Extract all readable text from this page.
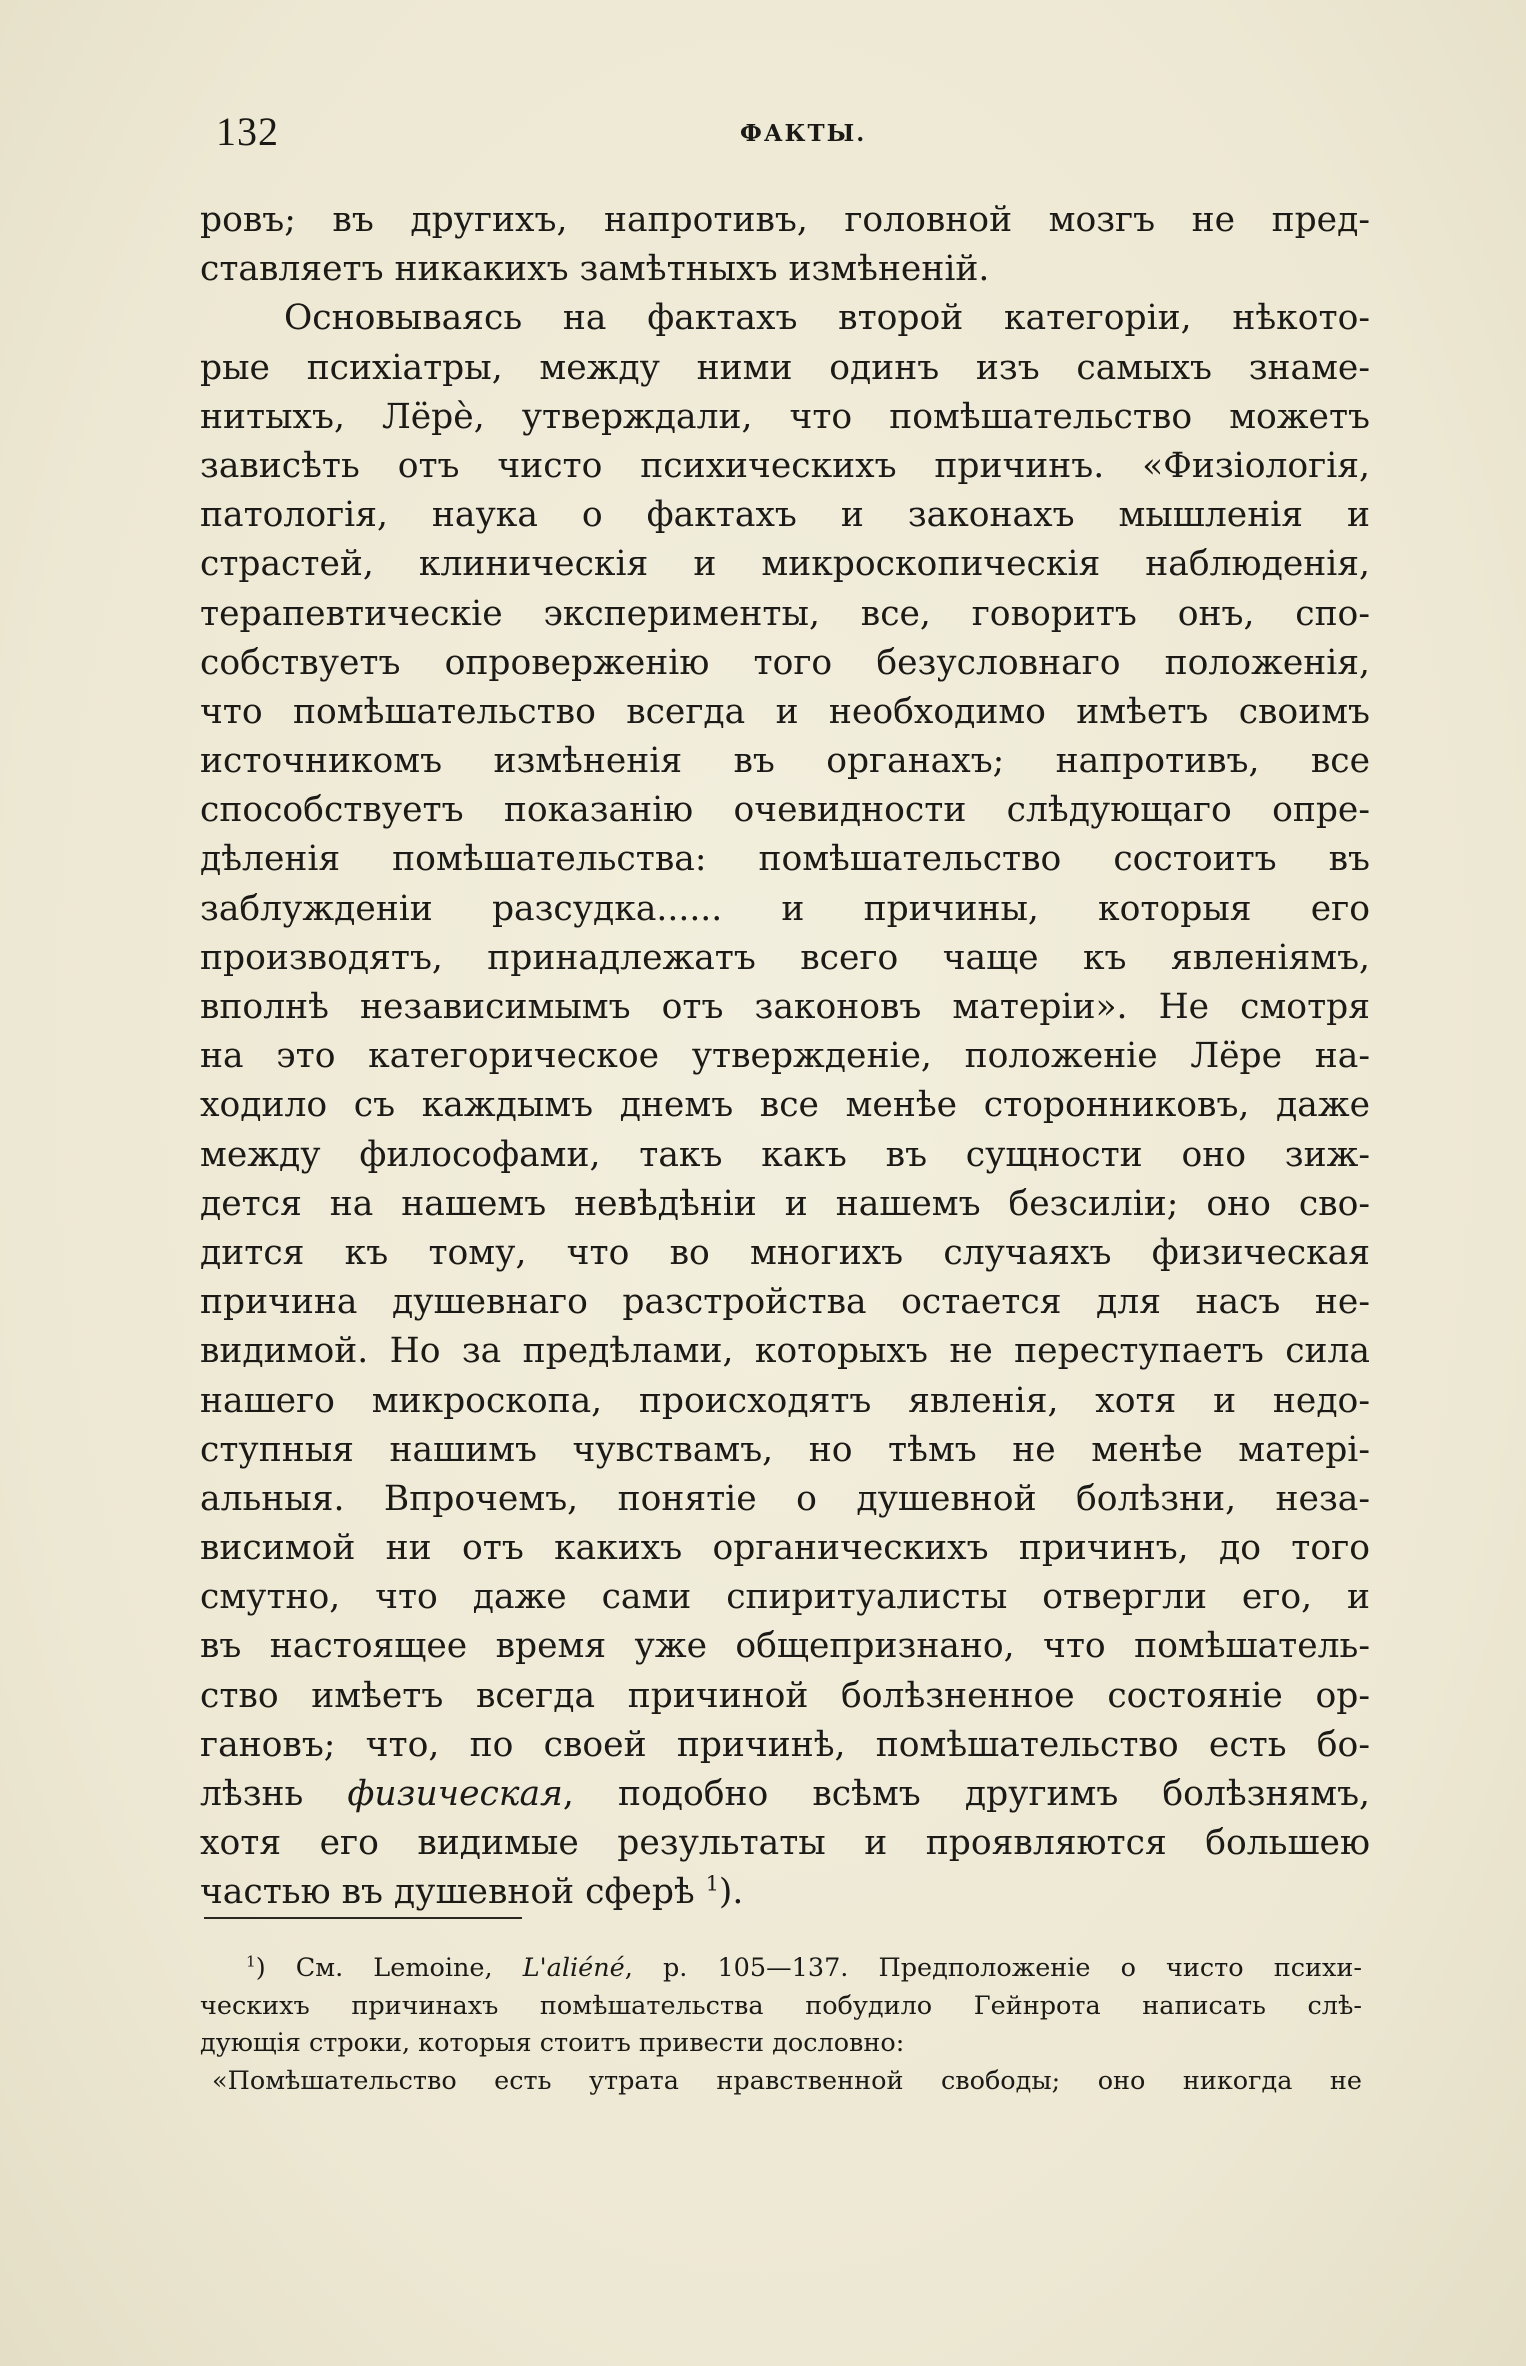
132	ФАКТЫ.
ровъ; въ другихъ, напротивъ, головной мозгъ не пред-
ставляетъ никакихъ замѣтныхъ измѣненій.
Основываясь на фактахъ второй категоріи, нѣкото-
рые психіатры, между ними одинъ изъ самыхъ знаме-
нитыхъ, Лёрè, утверждали, что помѣшательство можетъ
зависѣть отъ чисто психическихъ причинъ. «Физіологія,
патологія, наука о фактахъ и законахъ мышленія и
страстей, клиническія и микроскопическія наблюденія,
терапевтическіе эксперименты, все, говоритъ онъ, спо-
собствуетъ опроверженію того безусловнаго положенія,
что помѣшательство всегда и необходимо имѣетъ своимъ
источникомъ измѣненія въ органахъ; напротивъ, все
способствуетъ показанію очевидности слѣдующаго опре-
дѣленія помѣшательства: помѣшательство состоитъ въ
заблужденіи разсудка...... и причины, которыя его
производятъ, принадлежатъ всего чаще къ явленіямъ,
вполнѣ независимымъ отъ законовъ матеріи». Не смотря
на это категорическое утвержденіе, положеніе Лёре на-
ходило съ каждымъ днемъ все менѣе сторонниковъ, даже
между философами, такъ какъ въ сущности оно зиж-
дется на нашемъ невѣдѣніи и нашемъ безсиліи; оно сво-
дится къ тому, что во многихъ случаяхъ физическая
причина душевнаго разстройства остается для насъ не-
видимой. Но за предѣлами, которыхъ не переступаетъ сила
нашего микроскопа, происходятъ явленія, хотя и недо-
ступныя нашимъ чувствамъ, но тѣмъ не менѣе матері-
альныя. Впрочемъ, понятіе о душевной болѣзни, неза-
висимой ни отъ какихъ органическихъ причинъ, до того
смутно, что даже сами спиритуалисты отвергли его, и
въ настоящее время уже общепризнано, что помѣшатель-
ство имѣетъ всегда причиной болѣзненное состояніе ор-
гановъ; что, по своей причинѣ, помѣшательство есть бо-
лѣзнь физическая, подобно всѣмъ другимъ болѣзнямъ,
хотя его видимые результаты и проявляются большею
частью въ душевной сферѣ $^1$).
$^1$) См. Lemoine, L'aliéné, p. 105—137. Предположеніе о чисто психи-
ческихъ причинахъ помѣшательства побудило Гейнрота написать слѣ-
дующія строки, которыя стоитъ привести дословно:
«Помѣшательство есть утрата нравственной свободы; оно никогда не
